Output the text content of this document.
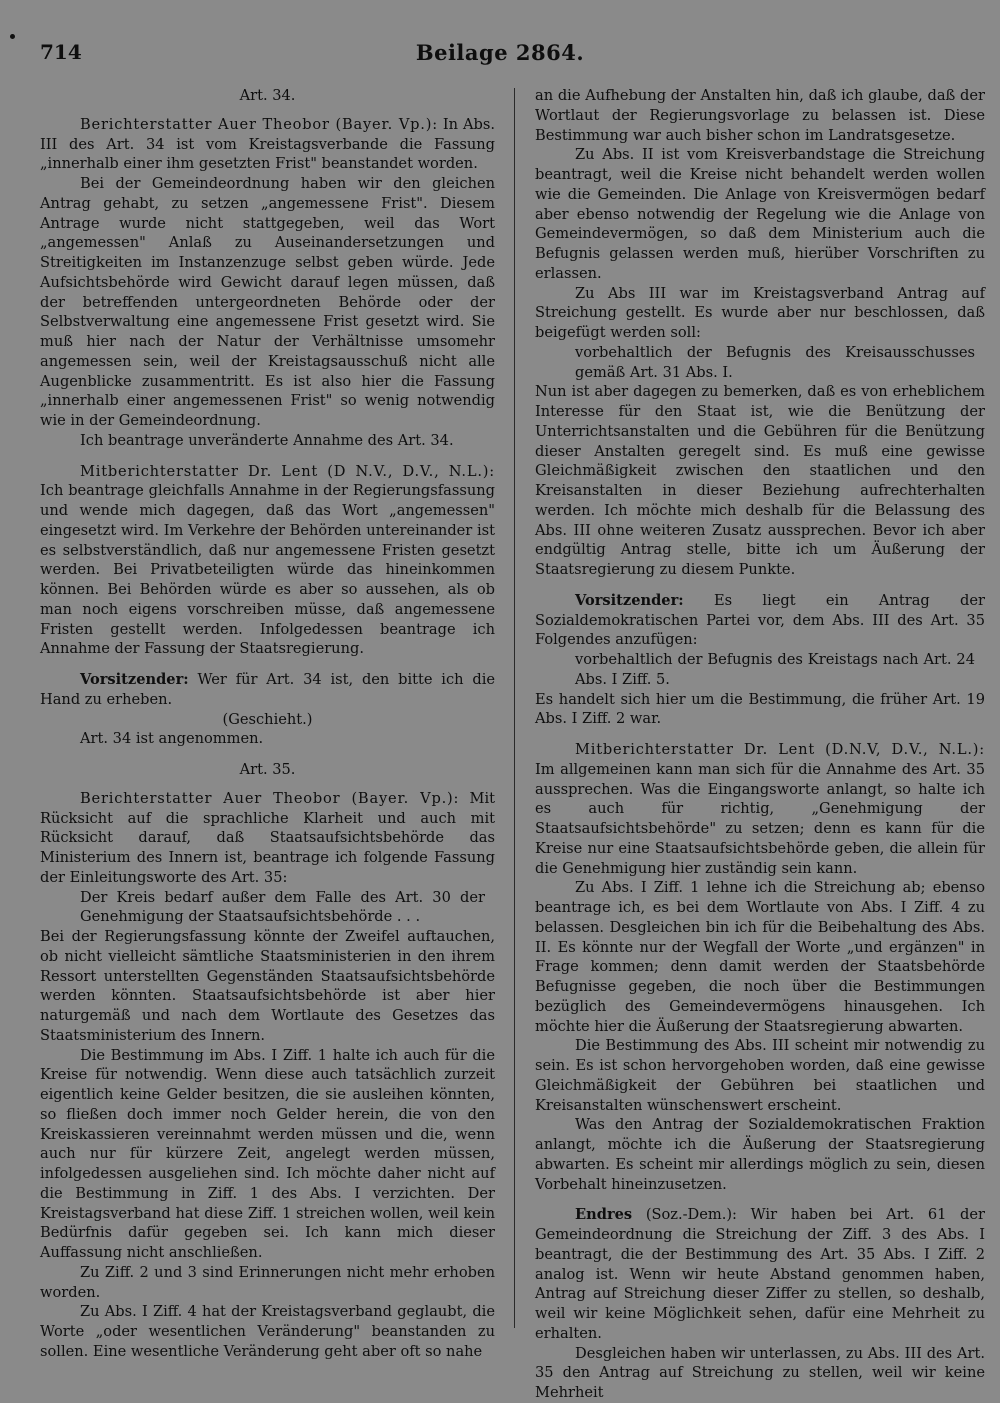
714	Beilage 2864.

Art. 34.

Berichterstatter Auer Theobor (Bayer. Vp.): In Abs. III des Art. 34 ist vom Kreistagsverbande die Fassung „innerhalb einer ihm gesetzten Frist" beanstandet worden.

Bei der Gemeindeordnung haben wir den gleichen Antrag gehabt, zu setzen „angemessene Frist". Diesem Antrage wurde nicht stattgegeben, weil das Wort „angemessen" Anlaß zu Auseinandersetzungen und Streitigkeiten im Instanzenzuge selbst geben würde. Jede Aufsichtsbehörde wird Gewicht darauf legen müssen, daß der betreffenden untergeordneten Behörde oder der Selbstverwaltung eine angemessene Frist gesetzt wird. Sie muß hier nach der Natur der Verhältnisse umsomehr angemessen sein, weil der Kreistagsausschuß nicht alle Augenblicke zusammentritt. Es ist also hier die Fassung „innerhalb einer angemessenen Frist" so wenig notwendig wie in der Gemeindeordnung.

Ich beantrage unveränderte Annahme des Art. 34.

Mitberichterstatter Dr. Lent (D N.V., D.V., N.L.): Ich beantrage gleichfalls Annahme in der Regierungsfassung und wende mich dagegen, daß das Wort „angemessen" eingesetzt wird. Im Verkehre der Behörden untereinander ist es selbstverständlich, daß nur angemessene Fristen gesetzt werden. Bei Privatbeteiligten würde das hineinkommen können. Bei Behörden würde es aber so aussehen, als ob man noch eigens vorschreiben müsse, daß angemessene Fristen gestellt werden. Infolgedessen beantrage ich Annahme der Fassung der Staatsregierung.

Vorsitzender: Wer für Art. 34 ist, den bitte ich die Hand zu erheben.

(Geschieht.)

Art. 34 ist angenommen.

Art. 35.

Berichterstatter Auer Theobor (Bayer. Vp.): Mit Rücksicht auf die sprachliche Klarheit und auch mit Rücksicht darauf, daß Staatsaufsichtsbehörde das Ministerium des Innern ist, beantrage ich folgende Fassung der Einleitungsworte des Art. 35:

Der Kreis bedarf außer dem Falle des Art. 30 der Genehmigung der Staatsaufsichtsbehörde . . .

Bei der Regierungsfassung könnte der Zweifel auftauchen, ob nicht vielleicht sämtliche Staatsministerien in den ihrem Ressort unterstellten Gegenständen Staatsaufsichtsbehörde werden könnten. Staatsaufsichtsbehörde ist aber hier naturgemäß und nach dem Wortlaute des Gesetzes das Staatsministerium des Innern.

Die Bestimmung im Abs. I Ziff. 1 halte ich auch für die Kreise für notwendig. Wenn diese auch tatsächlich zurzeit eigentlich keine Gelder besitzen, die sie ausleihen könnten, so fließen doch immer noch Gelder herein, die von den Kreiskassieren vereinnahmt werden müssen und die, wenn auch nur für kürzere Zeit, angelegt werden müssen, infolgedessen ausgeliehen sind. Ich möchte daher nicht auf die Bestimmung in Ziff. 1 des Abs. I verzichten. Der Kreistagsverband hat diese Ziff. 1 streichen wollen, weil kein Bedürfnis dafür gegeben sei. Ich kann mich dieser Auffassung nicht anschließen.

Zu Ziff. 2 und 3 sind Erinnerungen nicht mehr erhoben worden.

Zu Abs. I Ziff. 4 hat der Kreistagsverband geglaubt, die Worte „oder wesentlichen Veränderung" beanstanden zu sollen. Eine wesentliche Veränderung geht aber oft so nahe

an die Aufhebung der Anstalten hin, daß ich glaube, daß der Wortlaut der Regierungsvorlage zu belassen ist. Diese Bestimmung war auch bisher schon im Landratsgesetze.

Zu Abs. II ist vom Kreisverbandstage die Streichung beantragt, weil die Kreise nicht behandelt werden wollen wie die Gemeinden. Die Anlage von Kreisvermögen bedarf aber ebenso notwendig der Regelung wie die Anlage von Gemeindevermögen, so daß dem Ministerium auch die Befugnis gelassen werden muß, hierüber Vorschriften zu erlassen.

Zu Abs III war im Kreistagsverband Antrag auf Streichung gestellt. Es wurde aber nur beschlossen, daß beigefügt werden soll:

vorbehaltlich der Befugnis des Kreisausschusses gemäß Art. 31 Abs. I.

Nun ist aber dagegen zu bemerken, daß es von erheblichem Interesse für den Staat ist, wie die Benützung der Unterrichtsanstalten und die Gebühren für die Benützung dieser Anstalten geregelt sind. Es muß eine gewisse Gleichmäßigkeit zwischen den staatlichen und den Kreisanstalten in dieser Beziehung aufrechterhalten werden. Ich möchte mich deshalb für die Belassung des Abs. III ohne weiteren Zusatz aussprechen. Bevor ich aber endgültig Antrag stelle, bitte ich um Äußerung der Staatsregierung zu diesem Punkte.

Vorsitzender: Es liegt ein Antrag der Sozialdemokratischen Partei vor, dem Abs. III des Art. 35 Folgendes anzufügen:

vorbehaltlich der Befugnis des Kreistags nach Art. 24 Abs. I Ziff. 5.

Es handelt sich hier um die Bestimmung, die früher Art. 19 Abs. I Ziff. 2 war.

Mitberichterstatter Dr. Lent (D.N.V, D.V., N.L.): Im allgemeinen kann man sich für die Annahme des Art. 35 aussprechen. Was die Eingangsworte anlangt, so halte ich es auch für richtig, „Genehmigung der Staatsaufsichtsbehörde" zu setzen; denn es kann für die Kreise nur eine Staatsaufsichtsbehörde geben, die allein für die Genehmigung hier zuständig sein kann.

Zu Abs. I Ziff. 1 lehne ich die Streichung ab; ebenso beantrage ich, es bei dem Wortlaute von Abs. I Ziff. 4 zu belassen. Desgleichen bin ich für die Beibehaltung des Abs. II. Es könnte nur der Wegfall der Worte „und ergänzen" in Frage kommen; denn damit werden der Staatsbehörde Befugnisse gegeben, die noch über die Bestimmungen bezüglich des Gemeindevermögens hinausgehen. Ich möchte hier die Äußerung der Staatsregierung abwarten.

Die Bestimmung des Abs. III scheint mir notwendig zu sein. Es ist schon hervorgehoben worden, daß eine gewisse Gleichmäßigkeit der Gebühren bei staatlichen und Kreisanstalten wünschenswert erscheint.

Was den Antrag der Sozialdemokratischen Fraktion anlangt, möchte ich die Äußerung der Staatsregierung abwarten. Es scheint mir allerdings möglich zu sein, diesen Vorbehalt hineinzusetzen.

Endres (Soz.-Dem.): Wir haben bei Art. 61 der Gemeindeordnung die Streichung der Ziff. 3 des Abs. I beantragt, die der Bestimmung des Art. 35 Abs. I Ziff. 2 analog ist. Wenn wir heute Abstand genommen haben, Antrag auf Streichung dieser Ziffer zu stellen, so deshalb, weil wir keine Möglichkeit sehen, dafür eine Mehrheit zu erhalten.

Desgleichen haben wir unterlassen, zu Abs. III des Art. 35 den Antrag auf Streichung zu stellen, weil wir keine Mehrheit
